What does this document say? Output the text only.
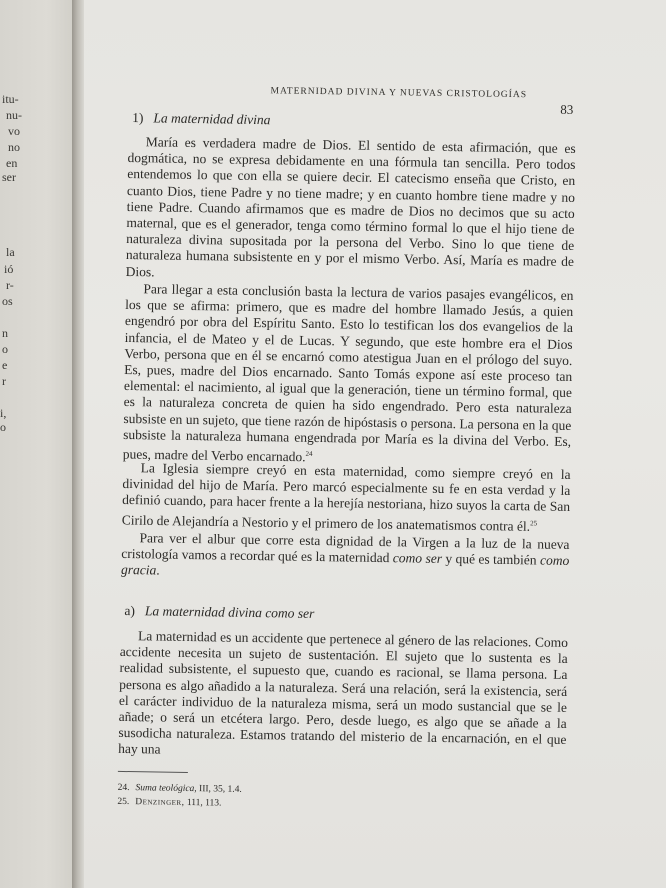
itu-
nu-
vo
no
en
ser
la
ió
r-
os
n
o
e
r
i,
o
MATERNIDAD DIVINA Y NUEVAS CRISTOLOGÍAS
83
1) La maternidad divina

María es verdadera madre de Dios. El sentido de esta afirmación, que es dogmática, no se expresa debidamente en una fórmula tan sencilla. Pero todos entendemos lo que con ella se quiere decir. El catecismo enseña que Cristo, en cuanto Dios, tiene Padre y no tiene madre; y en cuanto hombre tiene madre y no tiene Padre. Cuando afirmamos que es madre de Dios no decimos que su acto maternal, que es el generador, tenga como término formal lo que el hijo tiene de naturaleza divina supositada por la persona del Verbo. Sino lo que tiene de naturaleza humana subsistente en y por el mismo Verbo. Así, María es madre de Dios.

Para llegar a esta conclusión basta la lectura de varios pasajes evangélicos, en los que se afirma: primero, que es madre del hombre llamado Jesús, a quien engendró por obra del Espíritu Santo. Esto lo testifican los dos evangelios de la infancia, el de Mateo y el de Lucas. Y segundo, que este hombre era el Dios Verbo, persona que en él se encarnó como atestigua Juan en el prólogo del suyo. Es, pues, madre del Dios encarnado. Santo Tomás expone así este proceso tan elemental: el nacimiento, al igual que la generación, tiene un término formal, que es la naturaleza concreta de quien ha sido engendrado. Pero esta naturaleza subsiste en un sujeto, que tiene razón de hipóstasis o persona. La persona en la que subsiste la naturaleza humana engendrada por María es la divina del Verbo. Es, pues, madre del Verbo encarnado.$^{24}$

La Iglesia siempre creyó en esta maternidad, como siempre creyó en la divinidad del hijo de María. Pero marcó especialmente su fe en esta verdad y la definió cuando, para hacer frente a la herejía nestoriana, hizo suyos la carta de San Cirilo de Alejandría a Nestorio y el primero de los anatematismos contra él.$^{25}$

Para ver el albur que corre esta dignidad de la Virgen a la luz de la nueva cristología vamos a recordar qué es la maternidad como ser y qué es también como gracia.

a) La maternidad divina como ser

La maternidad es un accidente que pertenece al género de las relaciones. Como accidente necesita un sujeto de sustentación. El sujeto que lo sustenta es la realidad subsistente, el supuesto que, cuando es racional, se llama persona. La persona es algo añadido a la naturaleza. Será una relación, será la existencia, será el carácter individuo de la naturaleza misma, será un modo sustancial que se le añade; o será un etcétera largo. Pero, desde luego, es algo que se añade a la susodicha naturaleza. Estamos tratando del misterio de la encarnación, en el que hay una

24. Suma teológica, III, 35, 1.4.
25. Denzinger, 111, 113.
